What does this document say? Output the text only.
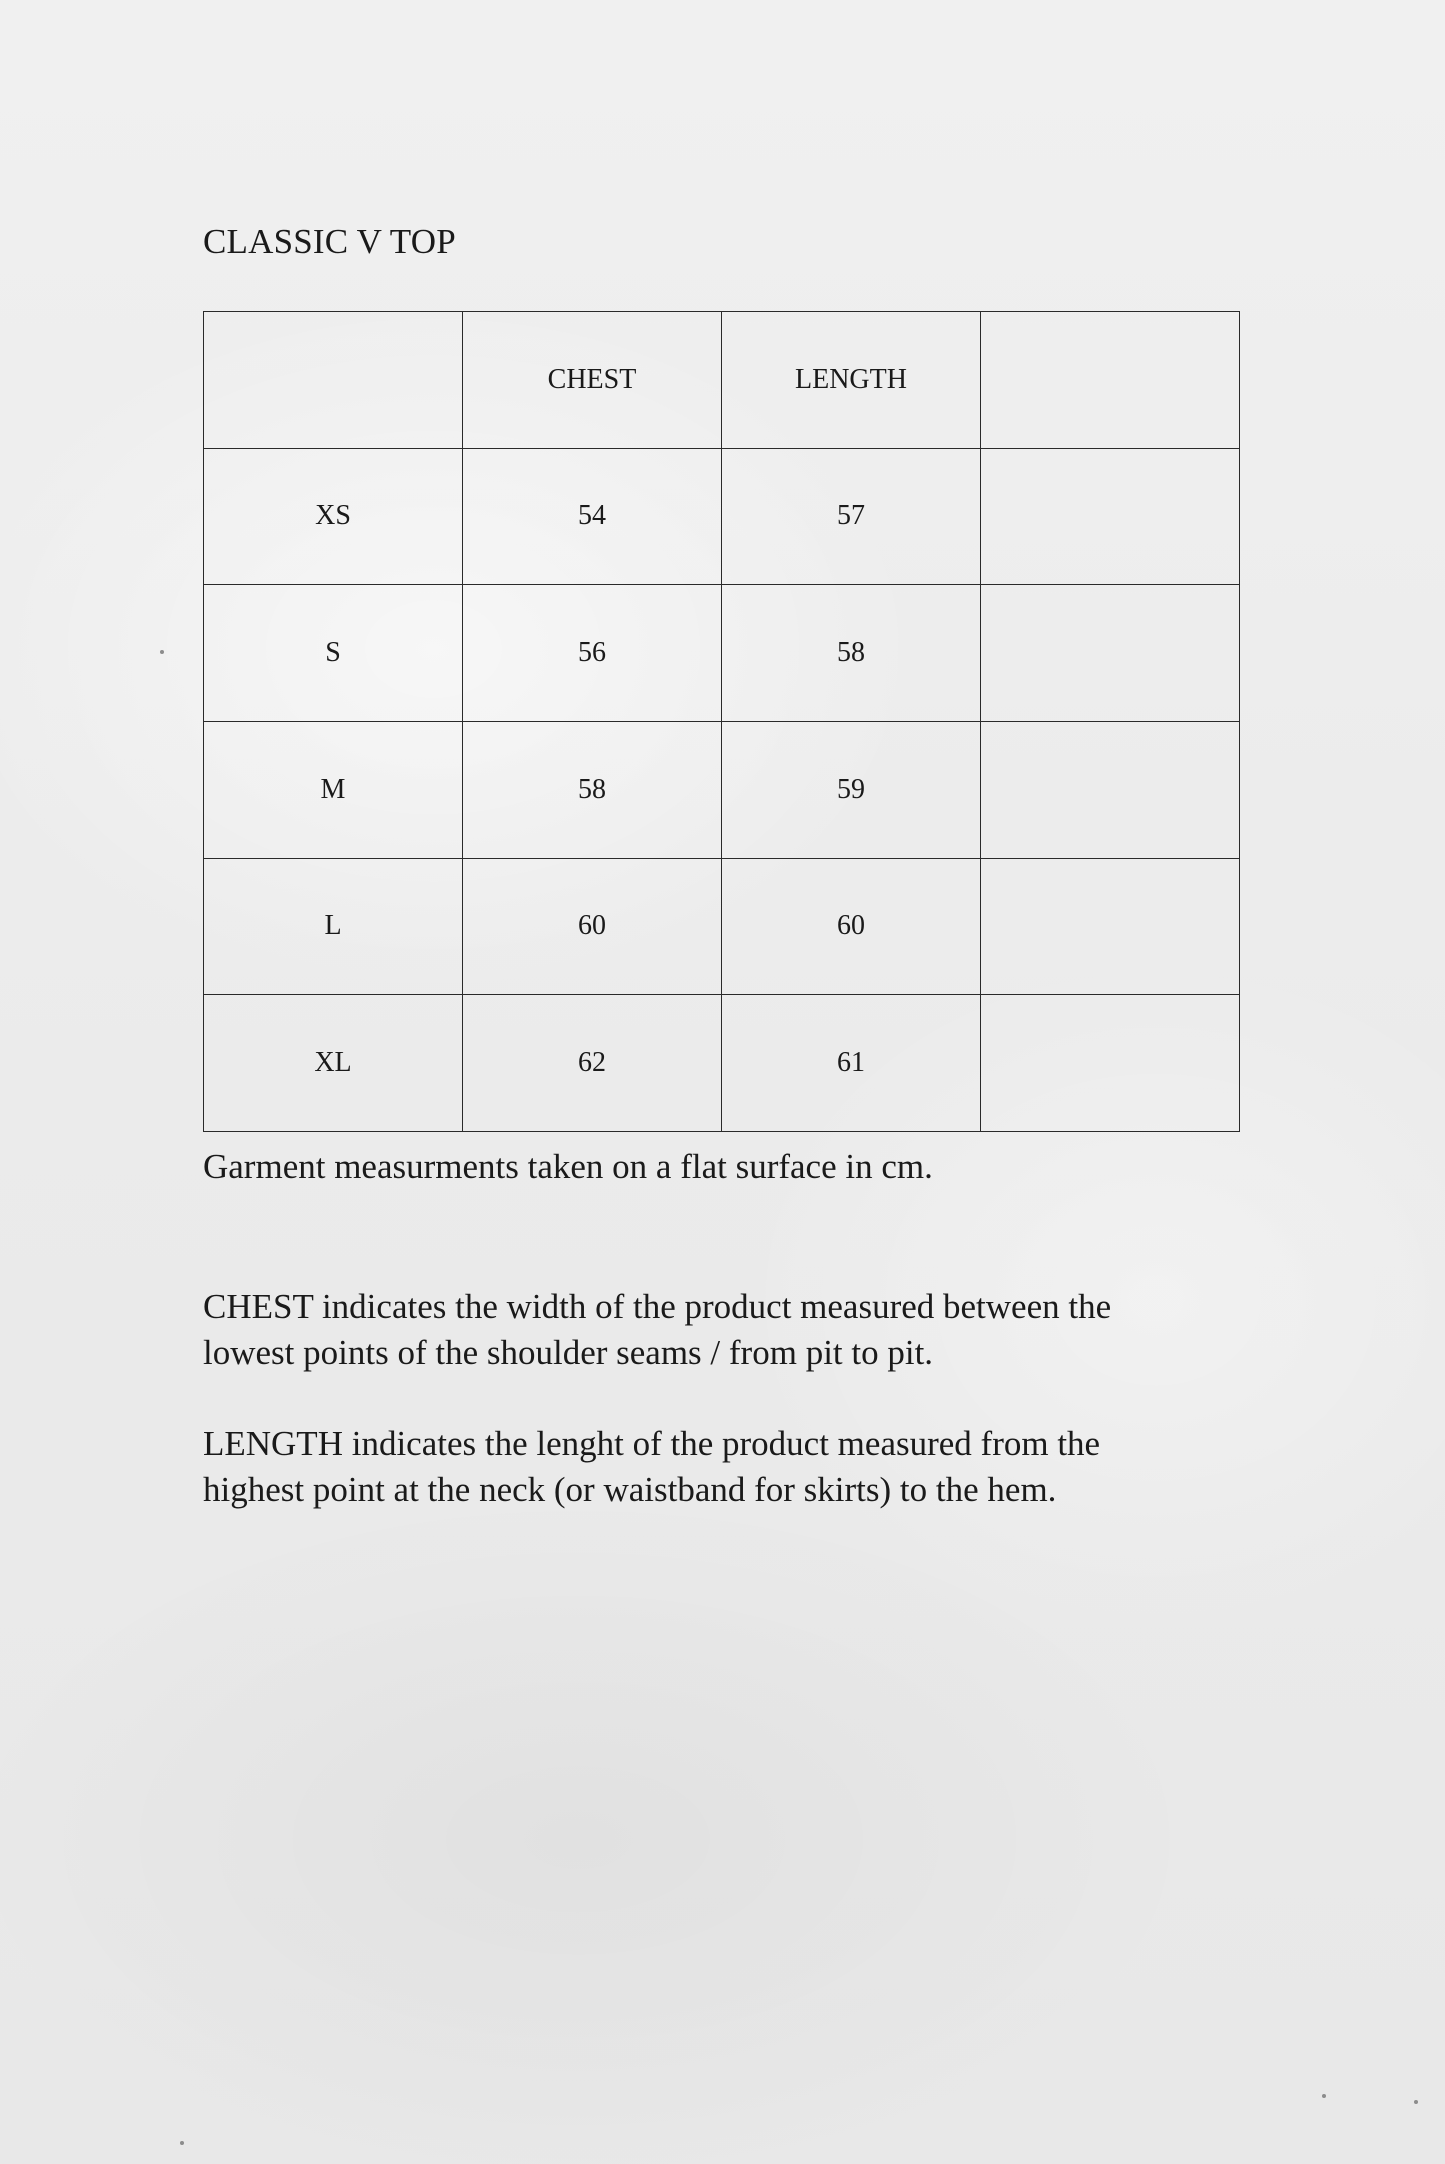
CLASSIC V TOP
	CHEST	LENGTH	
XS	54	57	
S	56	58	
M	58	59	
L	60	60	
XL	62	61	
Garment measurments taken on a flat surface in cm.
CHEST indicates the width of the product measured between the
lowest points of the shoulder seams / from pit to pit.
LENGTH indicates the lenght of the product measured from the
highest point at the neck (or waistband for skirts) to the hem.
